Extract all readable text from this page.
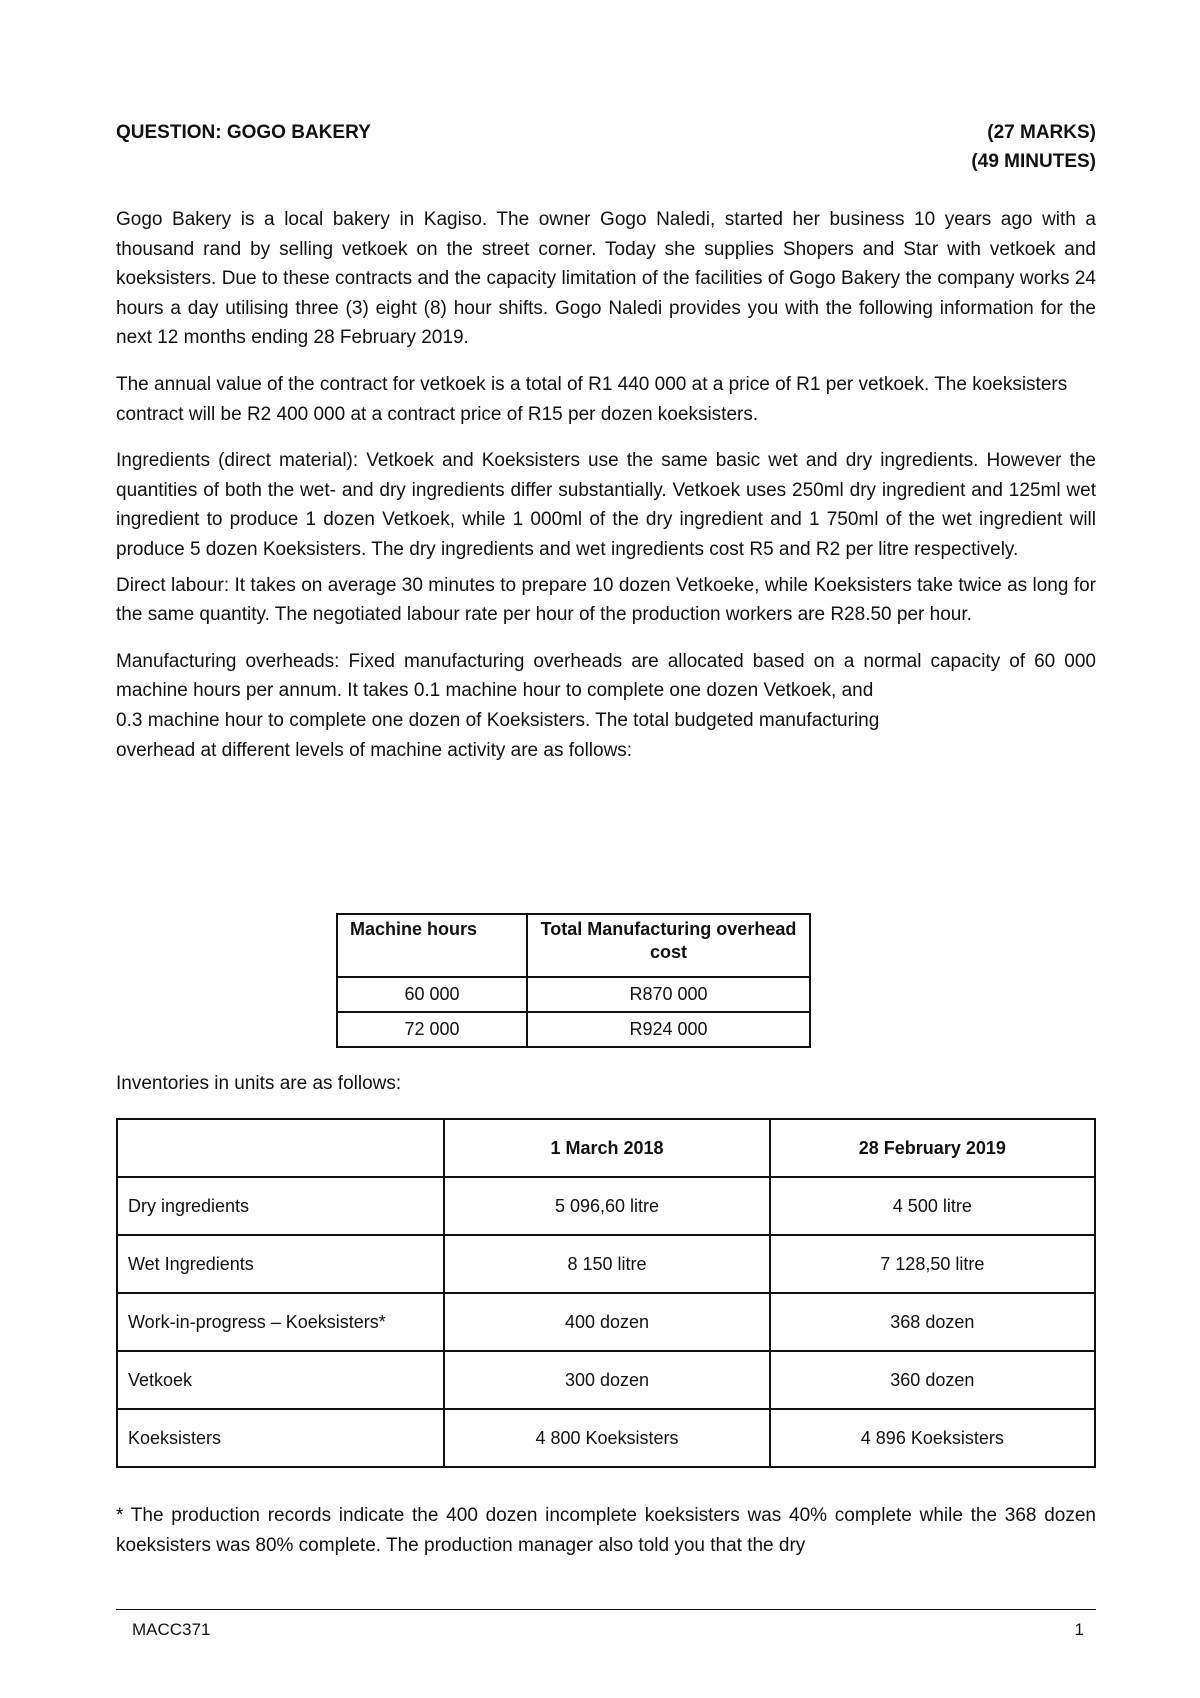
QUESTION: GOGO BAKERY	(27 MARKS)
(49 MINUTES)

Gogo Bakery is a local bakery in Kagiso. The owner Gogo Naledi, started her business 10 years ago with a thousand rand by selling vetkoek on the street corner. Today she supplies Shopers and Star with vetkoek and koeksisters. Due to these contracts and the capacity limitation of the facilities of Gogo Bakery the company works 24 hours a day utilising three (3) eight (8) hour shifts. Gogo Naledi provides you with the following information for the next 12 months ending 28 February 2019.

The annual value of the contract for vetkoek is a total of R1 440 000 at a price of R1 per vetkoek. The koeksisters contract will be R2 400 000 at a contract price of R15 per dozen koeksisters.

Ingredients (direct material): Vetkoek and Koeksisters use the same basic wet and dry ingredients. However the quantities of both the wet- and dry ingredients differ substantially. Vetkoek uses 250ml dry ingredient and 125ml wet ingredient to produce 1 dozen Vetkoek, while 1 000ml of the dry ingredient and 1 750ml of the wet ingredient will produce 5 dozen Koeksisters. The dry ingredients and wet ingredients cost R5 and R2 per litre respectively.

Direct labour: It takes on average 30 minutes to prepare 10 dozen Vetkoeke, while Koeksisters take twice as long for the same quantity. The negotiated labour rate per hour of the production workers are R28.50 per hour.

Manufacturing overheads: Fixed manufacturing overheads are allocated based on a normal capacity of 60 000 machine hours per annum. It takes 0.1 machine hour to complete one dozen Vetkoek, and
0.3 machine hour to complete one dozen of Koeksisters. The total budgeted manufacturing
overhead at different levels of machine activity are as follows:

Machine hours	Total Manufacturing overhead cost
60 000	R870 000
72 000	R924 000
Inventories in units are as follows:
	1 March 2018	28 February 2019
Dry ingredients	5 096,60 litre	4 500 litre
Wet Ingredients	8 150 litre	7 128,50 litre
Work-in-progress – Koeksisters*	400 dozen	368 dozen
Vetkoek	300 dozen	360 dozen
Koeksisters	4 800 Koeksisters	4 896 Koeksisters
* The production records indicate the 400 dozen incomplete koeksisters was 40% complete while the 368 dozen koeksisters was 80% complete. The production manager also told you that the dry
MACC371	1
